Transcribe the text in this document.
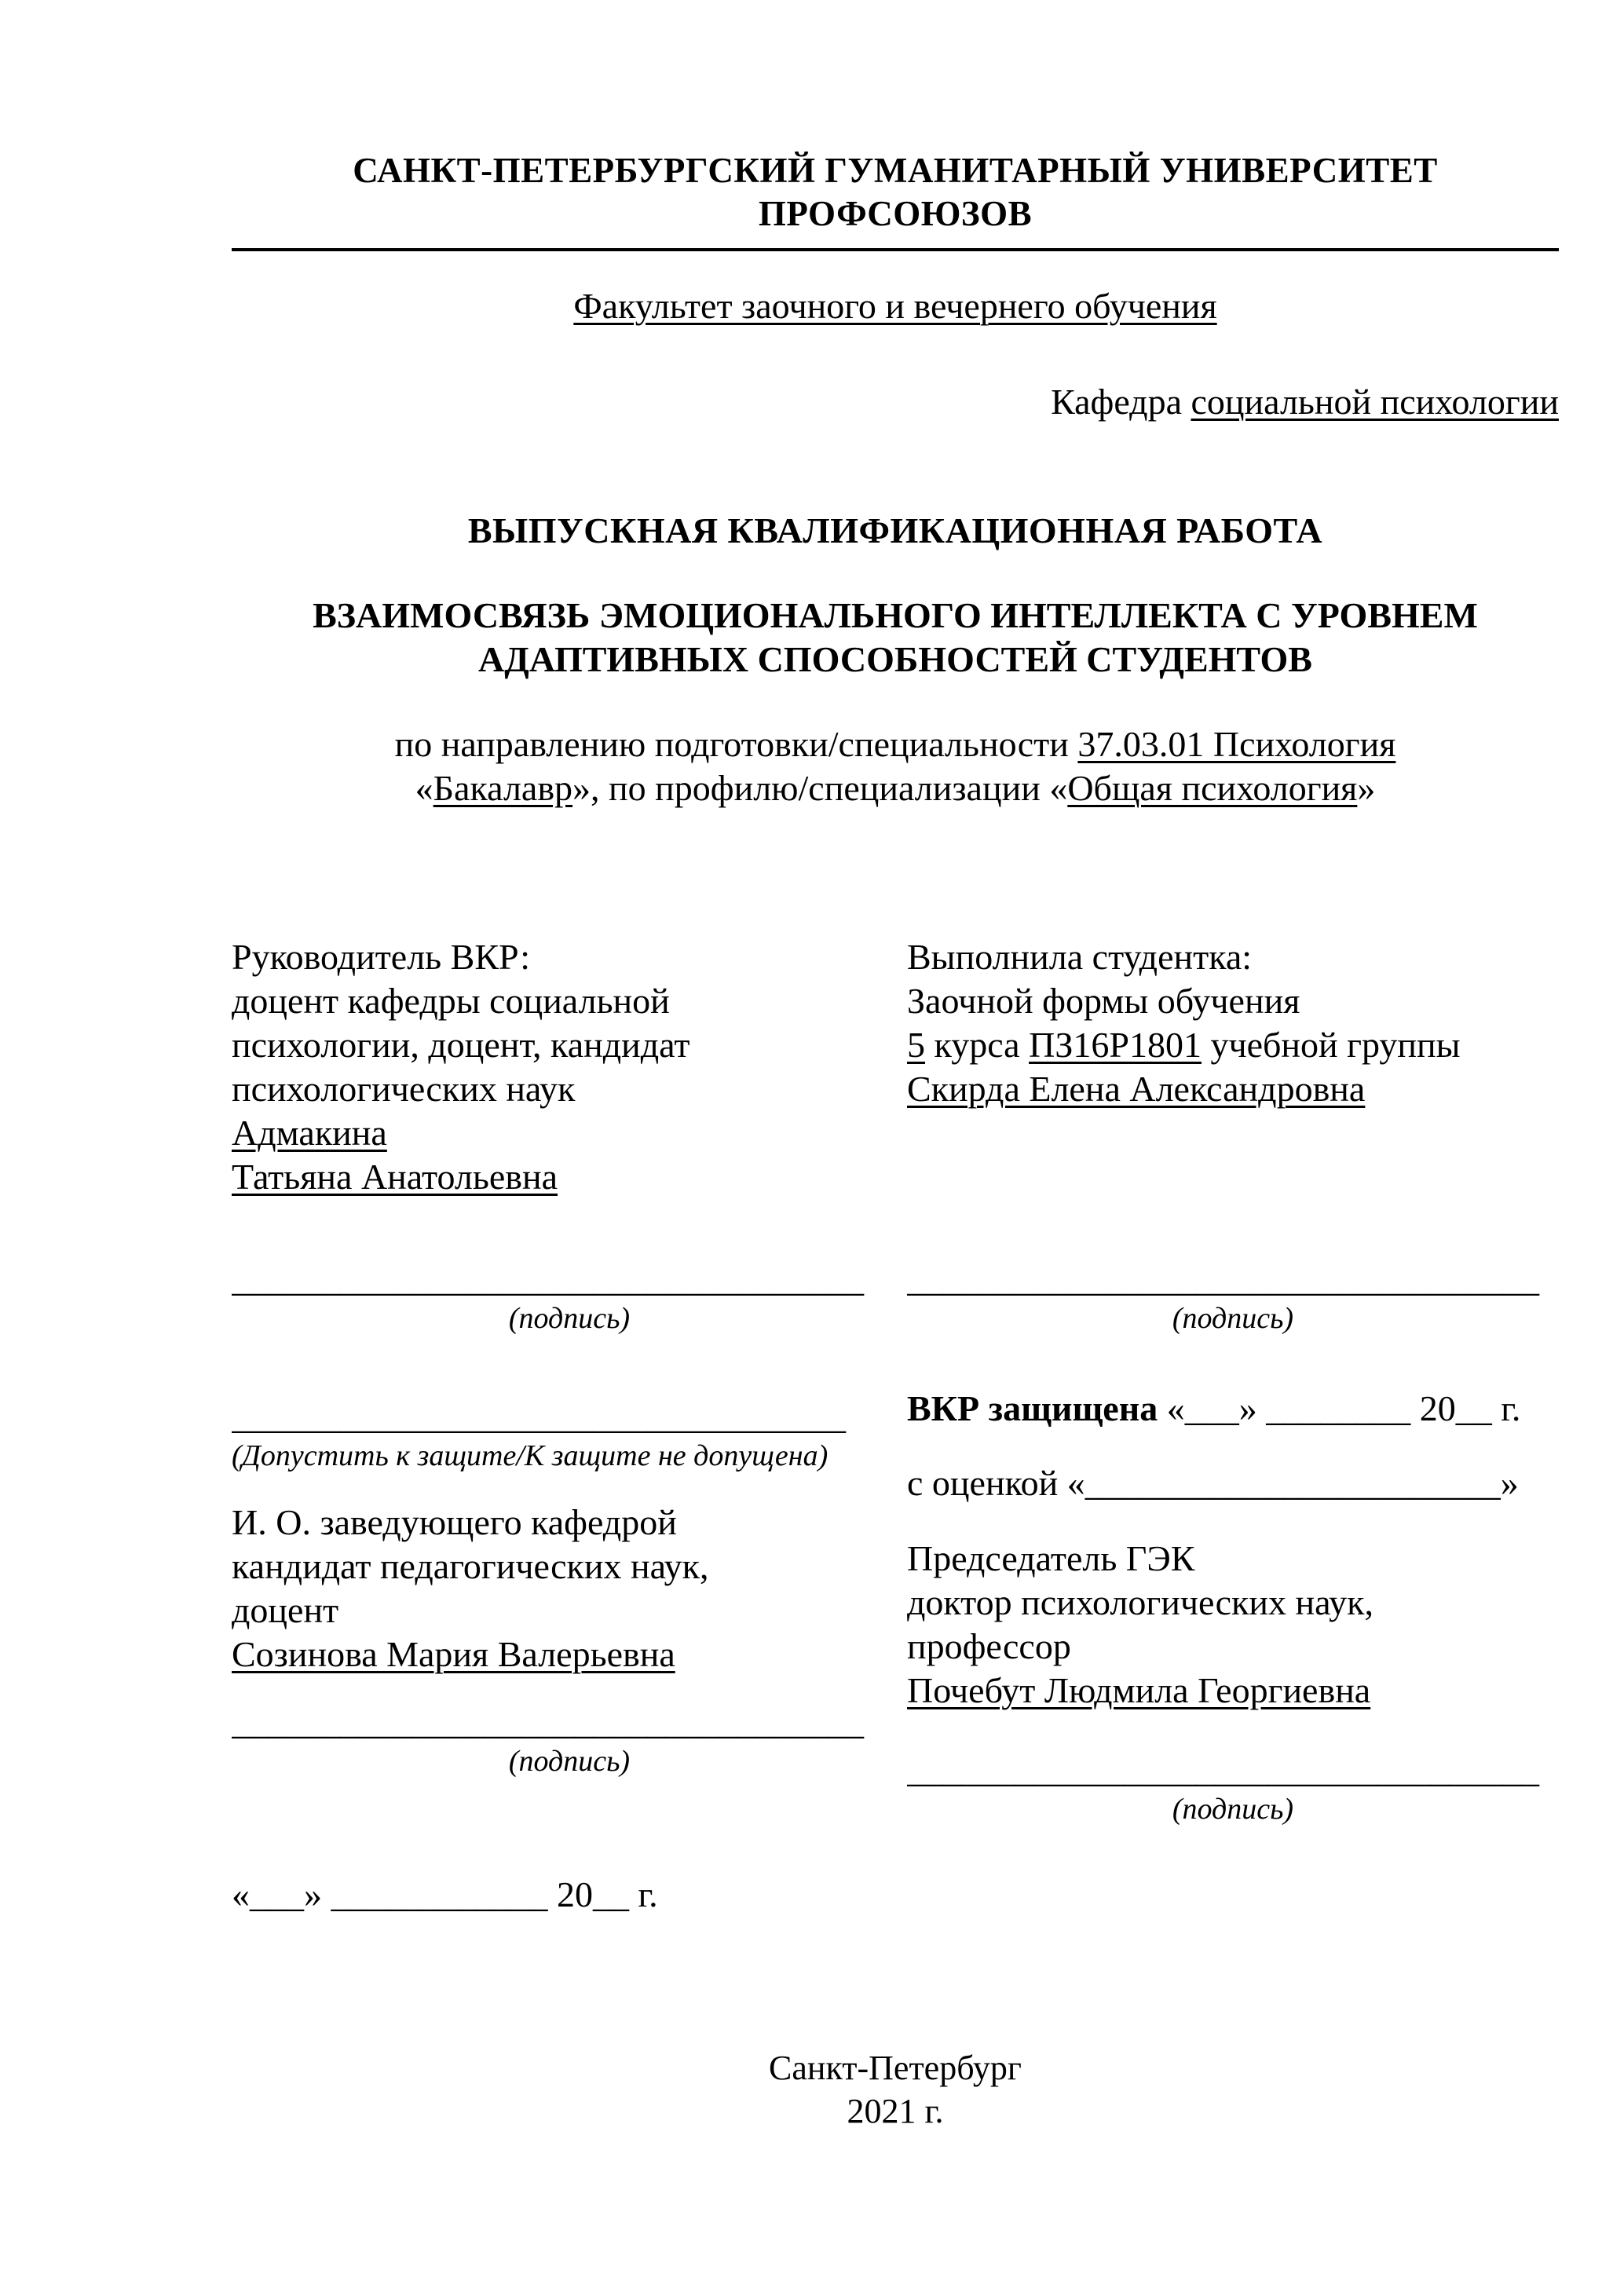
САНКТ-ПЕТЕРБУРГСКИЙ ГУМАНИТАРНЫЙ УНИВЕРСИТЕТ ПРОФСОЮЗОВ
Факультет заочного и вечернего обучения
Кафедра социальной психологии
ВЫПУСКНАЯ КВАЛИФИКАЦИОННАЯ РАБОТА
ВЗАИМОСВЯЗЬ ЭМОЦИОНАЛЬНОГО ИНТЕЛЛЕКТА С УРОВНЕМ
АДАПТИВНЫХ СПОСОБНОСТЕЙ СТУДЕНТОВ
по направлению подготовки/специальности 37.03.01 Психология
«Бакалавр», по профилю/специализации «Общая психология»
Руководитель ВКР:
доцент кафедры социальной
психологии, доцент, кандидат
психологических наук
Адмакина
Татьяна Анатольевна
___________________________________
(подпись)
__________________________________
(Допустить к защите/К защите не допущена)
И. О. заведующего кафедрой
кандидат педагогических наук,
доцент
Созинова Мария Валерьевна
___________________________________
(подпись)
«___» ____________ 20__ г.
Выполнила студентка:
Заочной формы обучения
5 курса ПЗ16Р1801 учебной группы
Скирда Елена Александровна
___________________________________
(подпись)
ВКР защищена «___» ________ 20__ г.
с оценкой «_______________________»
Председатель ГЭК
доктор психологических наук,
профессор
Почебут Людмила Георгиевна
___________________________________
(подпись)
Санкт-Петербург
2021 г.
